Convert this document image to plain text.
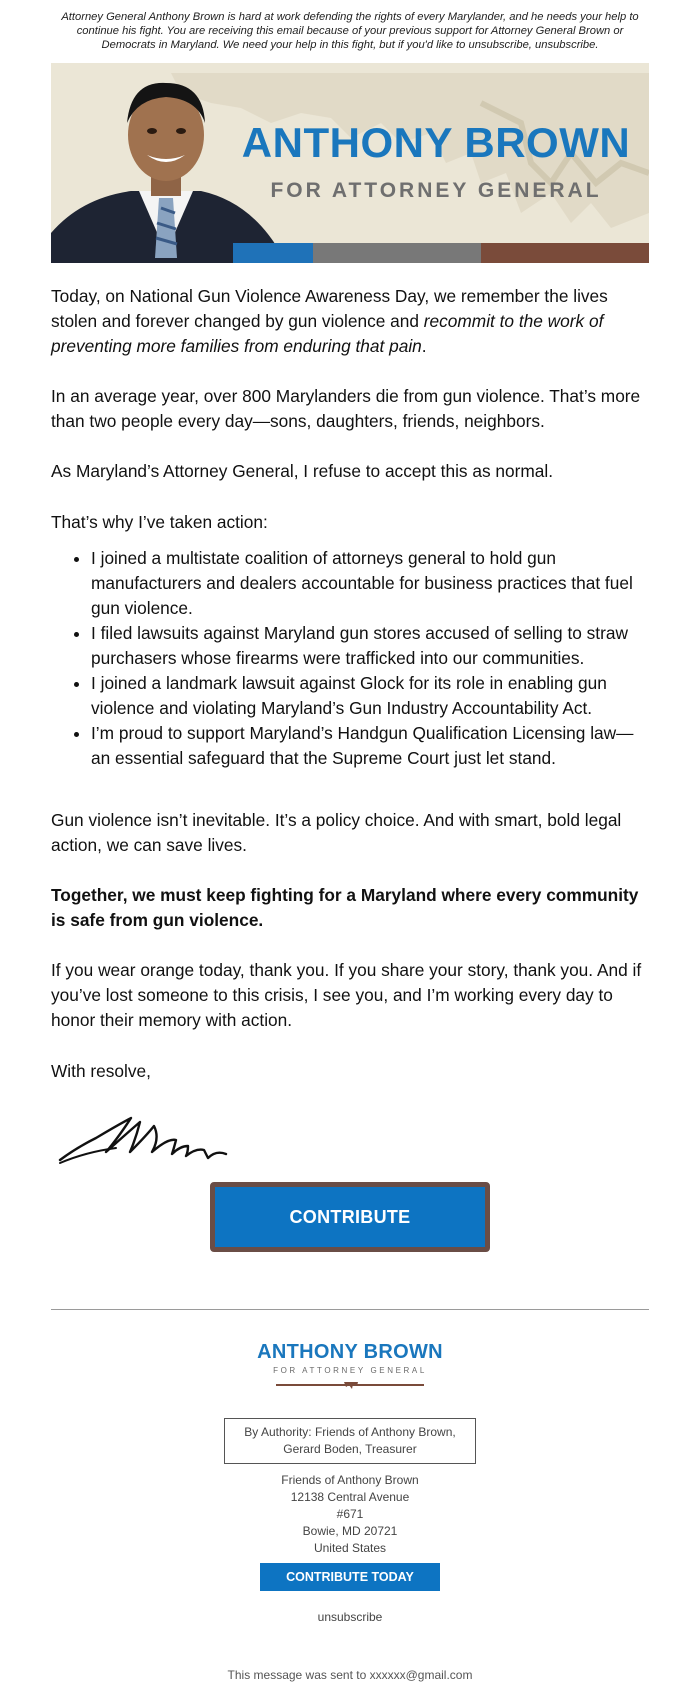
Attorney General Anthony Brown is hard at work defending the rights of every Marylander, and he needs your help to continue his fight. You are receiving this email because of your previous support for Attorney General Brown or Democrats in Maryland. We need your help in this fight, but if you'd like to unsubscribe, unsubscribe.
ANTHONY BROWN
FOR ATTORNEY GENERAL

Today, on National Gun Violence Awareness Day, we remember the lives stolen and forever changed by gun violence and recommit to the work of preventing more families from enduring that pain.

In an average year, over 800 Marylanders die from gun violence. That’s more than two people every day—sons, daughters, friends, neighbors.
As Maryland’s Attorney General, I refuse to accept this as normal.
That’s why I’ve taken action:
• I joined a multistate coalition of attorneys general to hold gun manufacturers and dealers accountable for business practices that fuel gun violence.
• I filed lawsuits against Maryland gun stores accused of selling to straw purchasers whose firearms were trafficked into our communities.
• I joined a landmark lawsuit against Glock for its role in enabling gun violence and violating Maryland’s Gun Industry Accountability Act.
• I’m proud to support Maryland’s Handgun Qualification Licensing law—an essential safeguard that the Supreme Court just let stand.
Gun violence isn’t inevitable. It’s a policy choice. And with smart, bold legal action, we can save lives.
Together, we must keep fighting for a Maryland where every community is safe from gun violence.
If you wear orange today, thank you. If you share your story, thank you. And if you’ve lost someone to this crisis, I see you, and I’m working every day to honor their memory with action.
With resolve,
CONTRIBUTE
ANTHONY BROWN
FOR ATTORNEY GENERAL
By Authority: Friends of Anthony Brown,
Gerard Boden, Treasurer
Friends of Anthony Brown
12138 Central Avenue
#671
Bowie, MD 20721
United States
CONTRIBUTE TODAY
unsubscribe
This message was sent to xxxxxx@gmail.com
